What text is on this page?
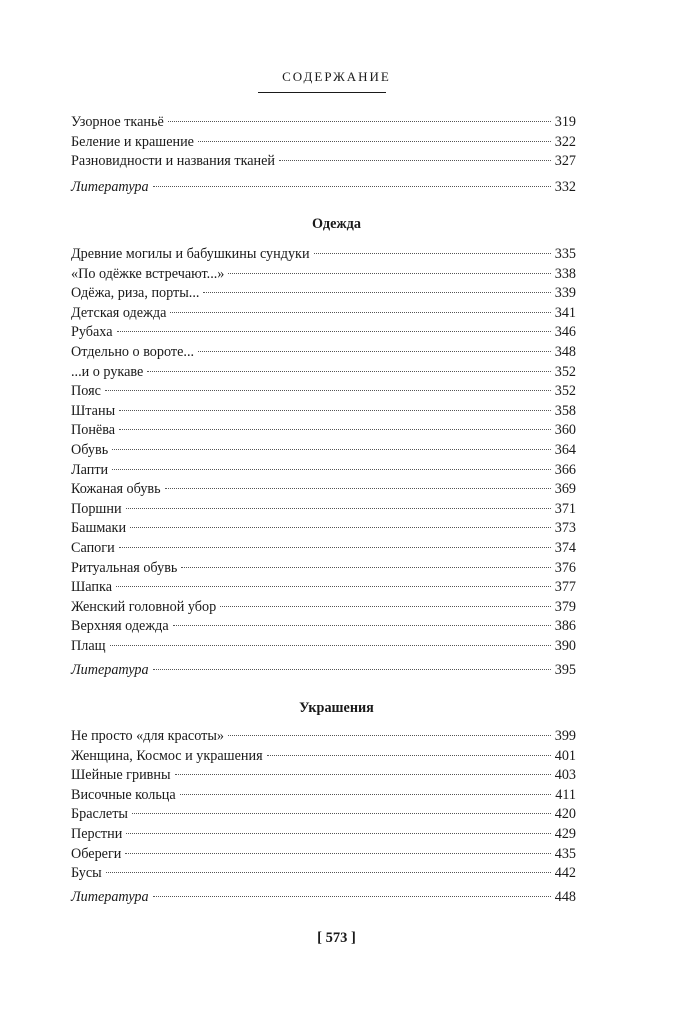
СОДЕРЖАНИЕ
Узорное тканьё	319
Беление и крашение	322
Разновидности и названия тканей	327
Литература	332
Одежда
Древние могилы и бабушкины сундуки	335
«По одёжке встречают...»	338
Одёжа, риза, порты...	339
Детская одежда	341
Рубаха	346
Отдельно о вороте...	348
...и о рукаве	352
Пояс	352
Штаны	358
Понёва	360
Обувь	364
Лапти	366
Кожаная обувь	369
Поршни	371
Башмаки	373
Сапоги	374
Ритуальная обувь	376
Шапка	377
Женский головной убор	379
Верхняя одежда	386
Плащ	390
Литература	395
Украшения
Не просто «для красоты»	399
Женщина, Космос и украшения	401
Шейные гривны	403
Височные кольца	411
Браслеты	420
Перстни	429
Обереги	435
Бусы	442
Литература	448
[ 573 ]
